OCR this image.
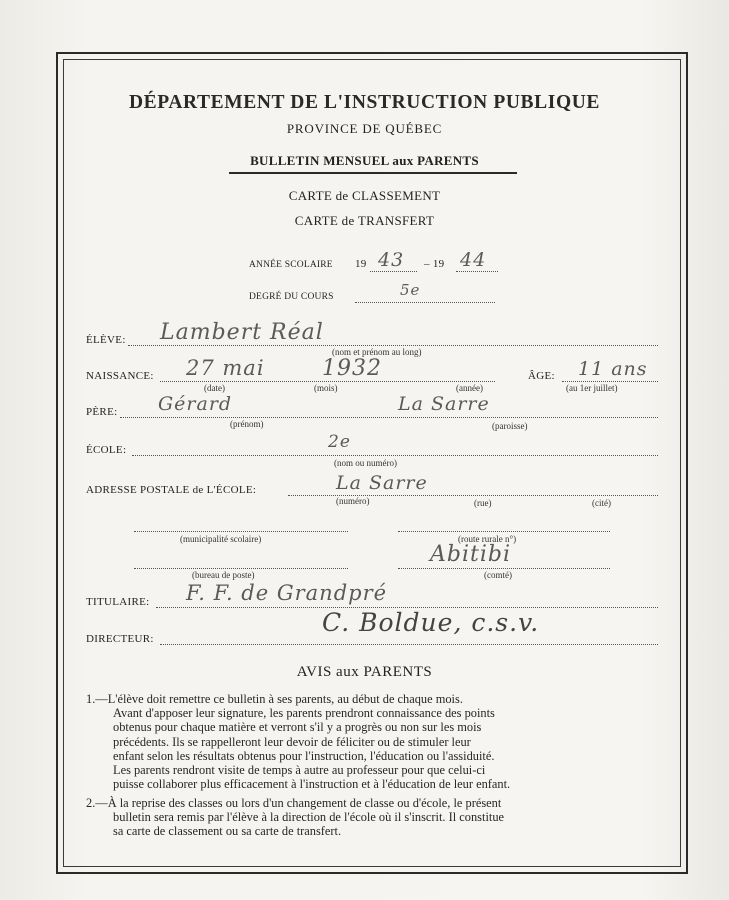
DÉPARTEMENT DE L'INSTRUCTION PUBLIQUE
PROVINCE DE QUÉBEC
BULLETIN MENSUEL aux PARENTS
CARTE de CLASSEMENT
CARTE de TRANSFERT
ANNÉE SCOLAIRE 19 43 – 19 44
DEGRÉ DU COURS	5e
ÉLÈVE: Lambert Réal
(nom et prénom au long)
NAISSANCE: 27 mai	1932
(date)	(mois)	(année)
ÂGE: 11 ans
(au 1er juillet)
PÈRE: Gérard	La Sarre
(prénom)	(paroisse)
ÉCOLE:	2e
(nom ou numéro)
ADRESSE POSTALE de L'ÉCOLE:	La Sarre
(numéro)	(rue)	(cité)
(municipalité scolaire)	(route rurale n°)
Abitibi
(bureau de poste)	(comté)
TITULAIRE: F. F. de Grandpré
DIRECTEUR:
C. Boldue, c.s.v.
AVIS aux PARENTS
1.—L'élève doit remettre ce bulletin à ses parents, au début de chaque mois.
Avant d'apposer leur signature, les parents prendront connaissance des points
obtenus pour chaque matière et verront s'il y a progrès ou non sur les mois
précédents. Ils se rappelleront leur devoir de féliciter ou de stimuler leur
enfant selon les résultats obtenus pour l'instruction, l'éducation ou l'assiduité.
Les parents rendront visite de temps à autre au professeur pour que celui-ci
puisse collaborer plus efficacement à l'instruction et à l'éducation de leur enfant.
2.—À la reprise des classes ou lors d'un changement de classe ou d'école, le présent
bulletin sera remis par l'élève à la direction de l'école où il s'inscrit. Il constitue
sa carte de classement ou sa carte de transfert.
